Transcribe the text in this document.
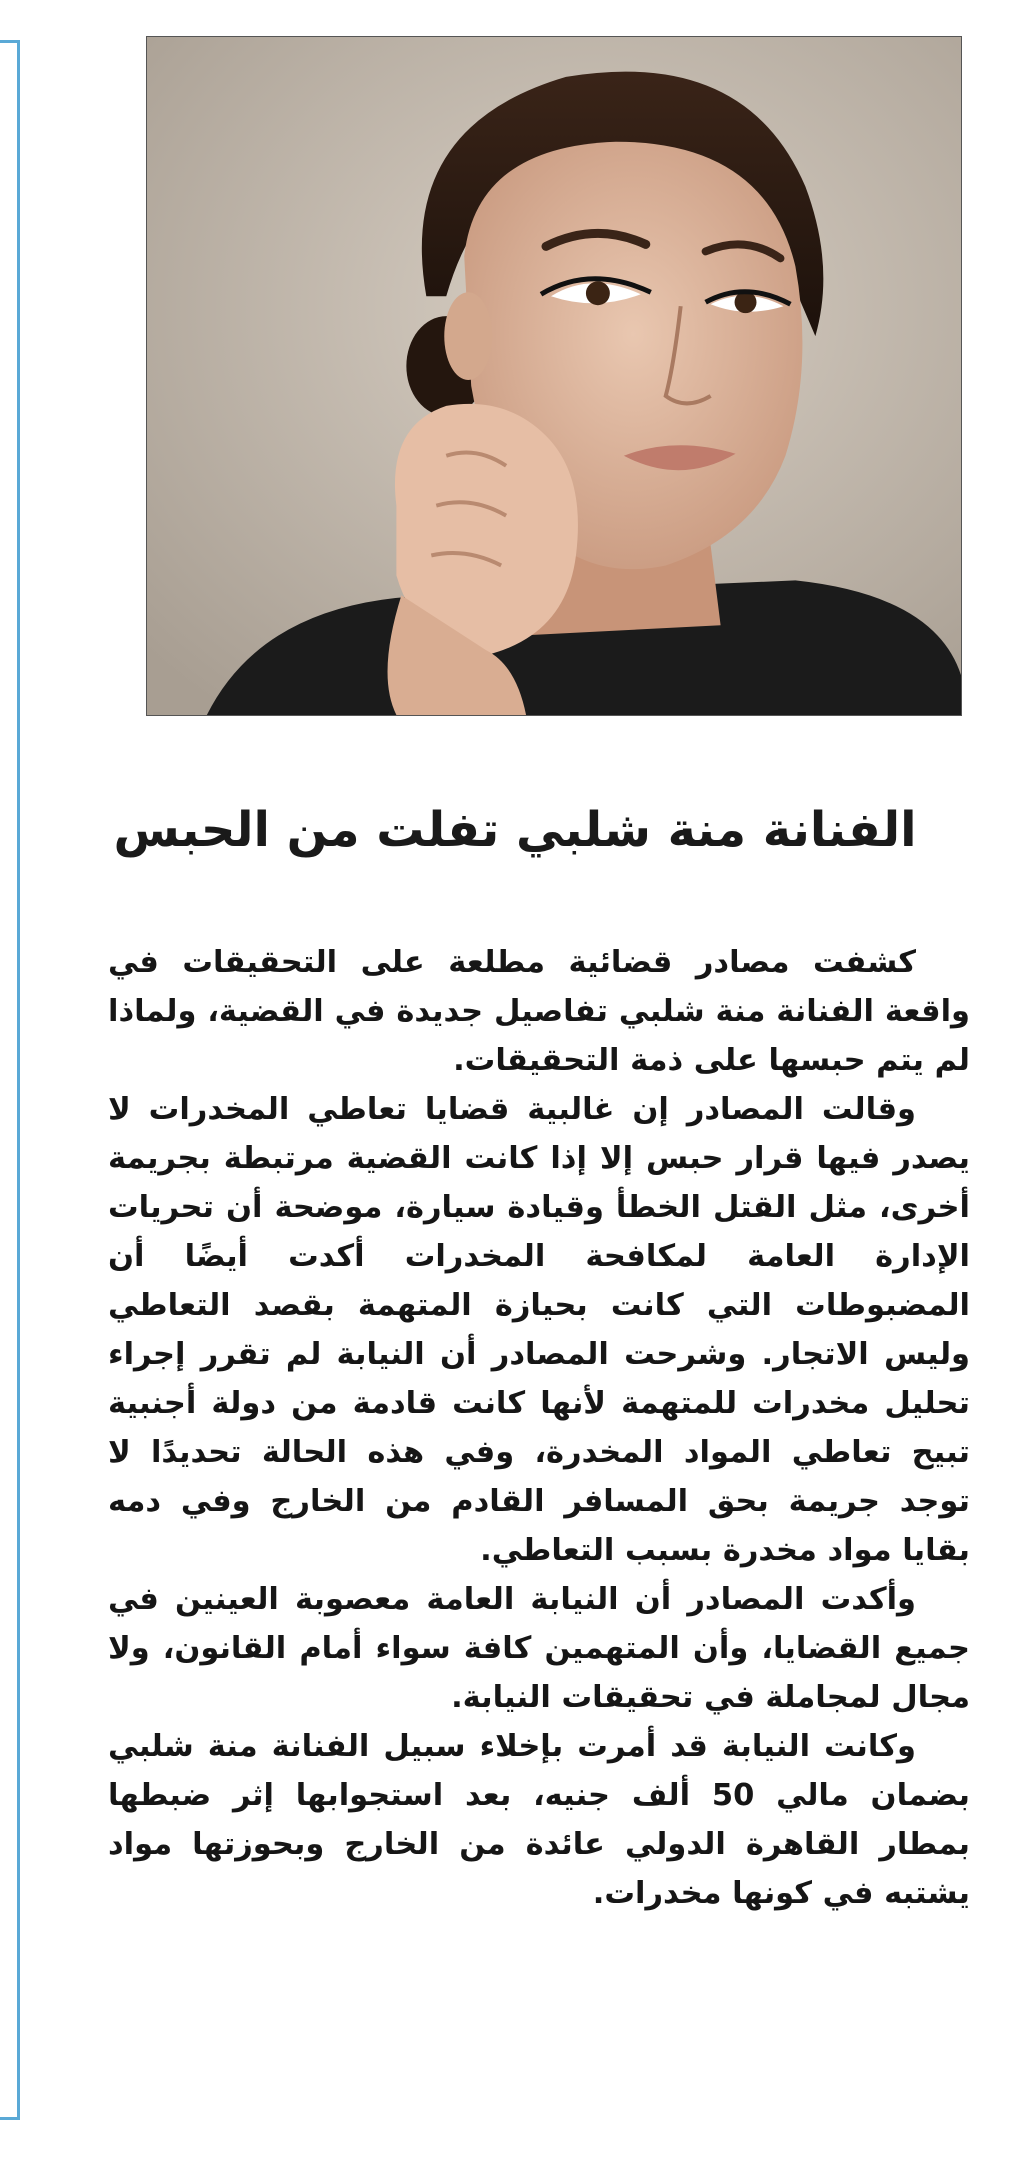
الفنانة منة شلبي تفلت من الحبس

كشفت مصادر قضائية مطلعة على التحقيقات في واقعة الفنانة منة شلبي تفاصيل جديدة في القضية، ولماذا لم يتم حبسها على ذمة التحقيقات.

وقالت المصادر إن غالبية قضايا تعاطي المخدرات لا يصدر فيها قرار حبس إلا إذا كانت القضية مرتبطة بجريمة أخرى، مثل القتل الخطأ وقيادة سيارة، موضحة أن تحريات الإدارة العامة لمكافحة المخدرات أكدت أيضًا أن المضبوطات التي كانت بحيازة المتهمة بقصد التعاطي وليس الاتجار. وشرحت المصادر أن النيابة لم تقرر إجراء تحليل مخدرات للمتهمة لأنها كانت قادمة من دولة أجنبية تبيح تعاطي المواد المخدرة، وفي هذه الحالة تحديدًا لا توجد جريمة بحق المسافر القادم من الخارج وفي دمه بقايا مواد مخدرة بسبب التعاطي.

وأكدت المصادر أن النيابة العامة معصوبة العينين في جميع القضايا، وأن المتهمين كافة سواء أمام القانون، ولا مجال لمجاملة في تحقيقات النيابة.

وكانت النيابة قد أمرت بإخلاء سبيل الفنانة منة شلبي بضمان مالي 50 ألف جنيه، بعد استجوابها إثر ضبطها بمطار القاهرة الدولي عائدة من الخارج وبحوزتها مواد يشتبه في كونها مخدرات.
